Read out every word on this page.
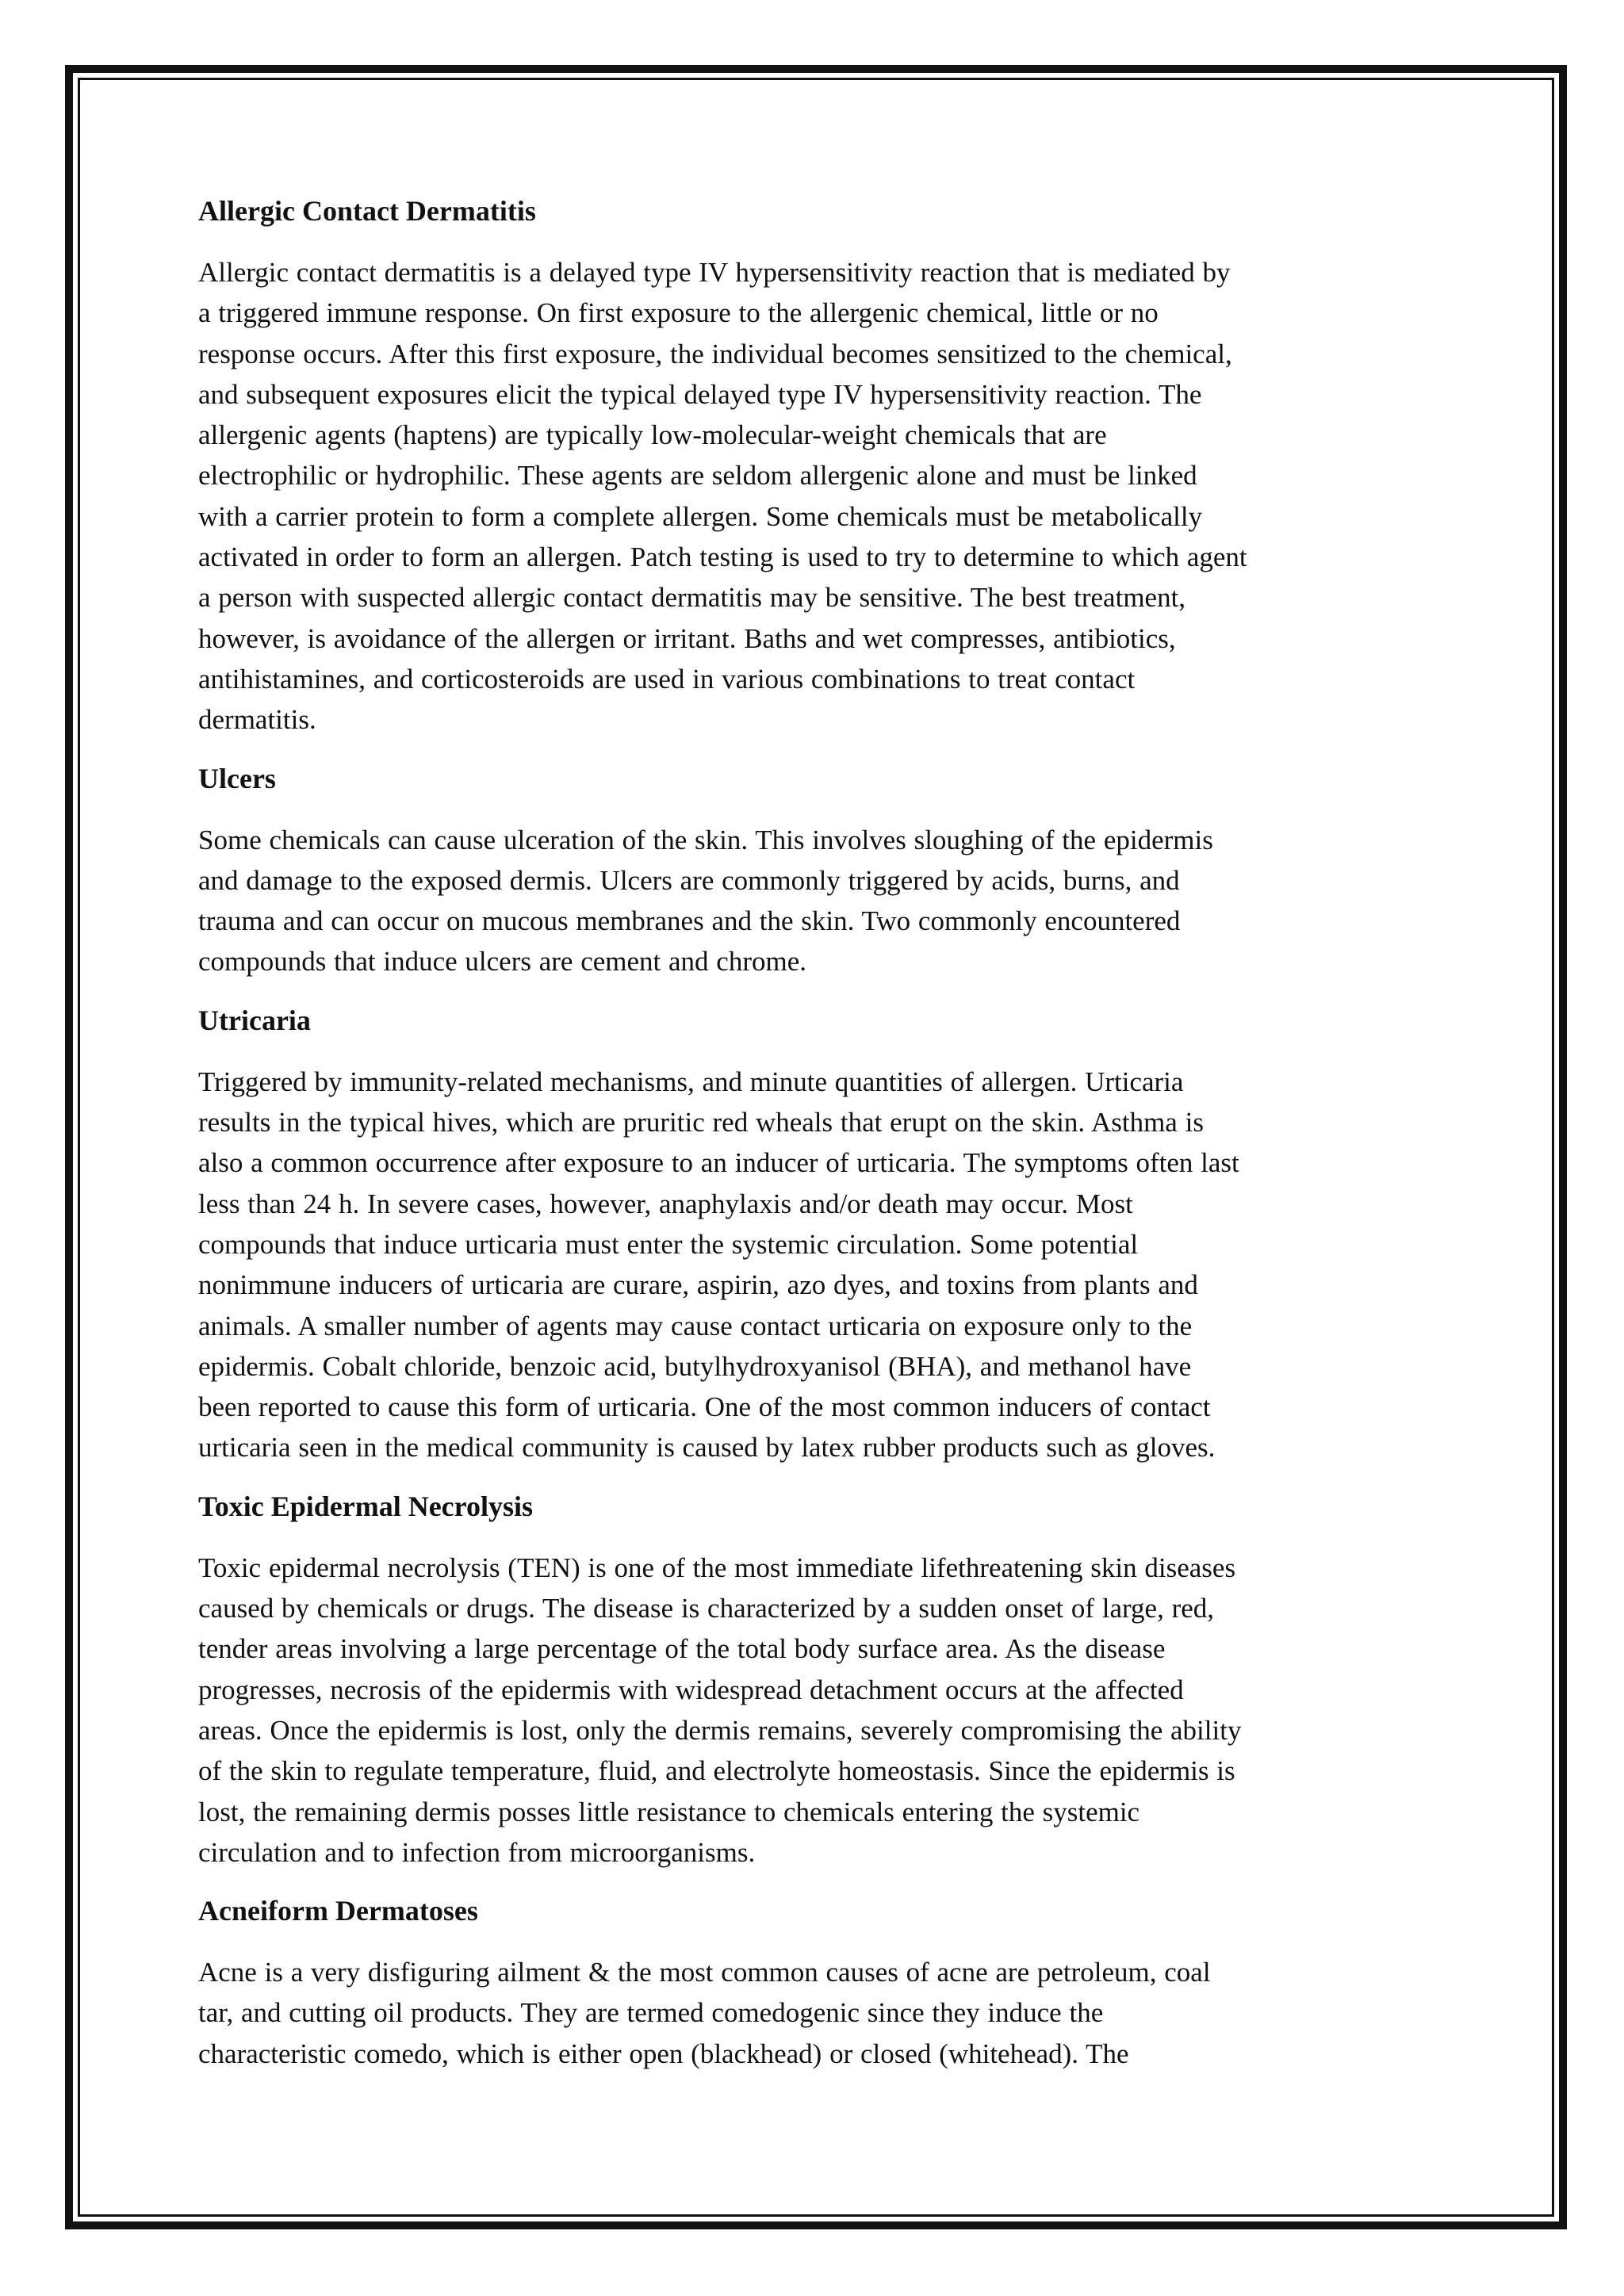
Allergic Contact Dermatitis
Allergic contact dermatitis is a delayed type IV hypersensitivity reaction that is mediated by
a triggered immune response. On first exposure to the allergenic chemical, little or no
response occurs. After this first exposure, the individual becomes sensitized to the chemical,
and subsequent exposures elicit the typical delayed type IV hypersensitivity reaction. The
allergenic agents (haptens) are typically low-molecular-weight chemicals that are
electrophilic or hydrophilic. These agents are seldom allergenic alone and must be linked
with a carrier protein to form a complete allergen. Some chemicals must be metabolically
activated in order to form an allergen. Patch testing is used to try to determine to which agent
a person with suspected allergic contact dermatitis may be sensitive. The best treatment,
however, is avoidance of the allergen or irritant. Baths and wet compresses, antibiotics,
antihistamines, and corticosteroids are used in various combinations to treat contact
dermatitis.
Ulcers
Some chemicals can cause ulceration of the skin. This involves sloughing of the epidermis
and damage to the exposed dermis. Ulcers are commonly triggered by acids, burns, and
trauma and can occur on mucous membranes and the skin. Two commonly encountered
compounds that induce ulcers are cement and chrome.
Utricaria
Triggered by immunity-related mechanisms, and minute quantities of allergen. Urticaria
results in the typical hives, which are pruritic red wheals that erupt on the skin. Asthma is
also a common occurrence after exposure to an inducer of urticaria. The symptoms often last
less than 24 h. In severe cases, however, anaphylaxis and/or death may occur. Most
compounds that induce urticaria must enter the systemic circulation. Some potential
nonimmune inducers of urticaria are curare, aspirin, azo dyes, and toxins from plants and
animals. A smaller number of agents may cause contact urticaria on exposure only to the
epidermis. Cobalt chloride, benzoic acid, butylhydroxyanisol (BHA), and methanol have
been reported to cause this form of urticaria. One of the most common inducers of contact
urticaria seen in the medical community is caused by latex rubber products such as gloves.
Toxic Epidermal Necrolysis
Toxic epidermal necrolysis (TEN) is one of the most immediate lifethreatening skin diseases
caused by chemicals or drugs. The disease is characterized by a sudden onset of large, red,
tender areas involving a large percentage of the total body surface area. As the disease
progresses, necrosis of the epidermis with widespread detachment occurs at the affected
areas. Once the epidermis is lost, only the dermis remains, severely compromising the ability
of the skin to regulate temperature, fluid, and electrolyte homeostasis. Since the epidermis is
lost, the remaining dermis posses little resistance to chemicals entering the systemic
circulation and to infection from microorganisms.
Acneiform Dermatoses
Acne is a very disfiguring ailment & the most common causes of acne are petroleum, coal
tar, and cutting oil products. They are termed comedogenic since they induce the
characteristic comedo, which is either open (blackhead) or closed (whitehead). The
